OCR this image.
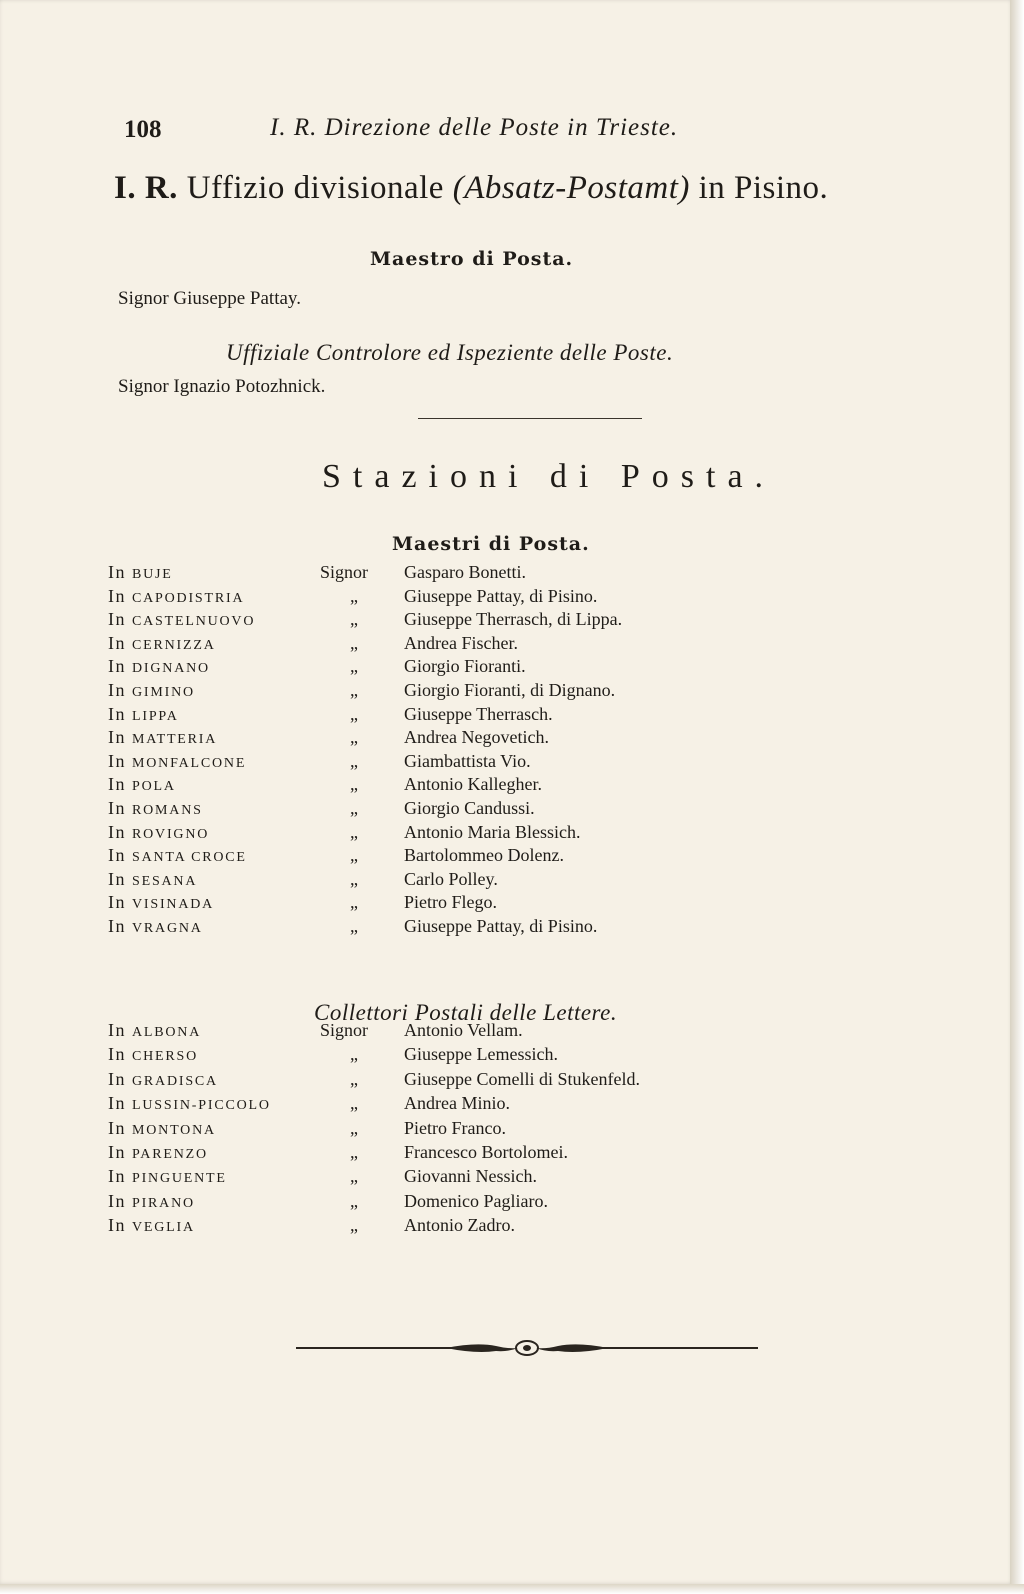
108	I. R. Direzione delle Poste in Trieste.
I. R. Uffizio divisionale (Absatz-Postamt) in Pisino.
Maestro di Posta.
Signor Giuseppe Pattay.
Uffiziale Controlore ed Ispeziente delle Poste.
Signor Ignazio Potozhnick.
Stazioni di Posta.
Maestri di Posta.
In BUJE	Signor Gasparo Bonetti.
In CAPODISTRIA	„	Giuseppe Pattay, di Pisino.
In CASTELNUOVO	„	Giuseppe Therrasch, di Lippa.
In CERNIZZA	„	Andrea Fischer.
In DIGNANO	„	Giorgio Fioranti.
In GIMINO	„	Giorgio Fioranti, di Dignano.
In LIPPA	„	Giuseppe Therrasch.
In MATTERIA	„	Andrea Negovetich.
In MONFALCONE	„	Giambattista Vio.
In POLA	„	Antonio Kallegher.
In ROMANS	„	Giorgio Candussi.
In ROVIGNO	„	Antonio Maria Blessich.
In SANTA CROCE	„	Bartolommeo Dolenz.
In SESANA	„	Carlo Polley.
In VISINADA	„	Pietro Flego.
In VRAGNA	„	Giuseppe Pattay, di Pisino.
Collettori Postali delle Lettere.
In ALBONA	Signor Antonio Vellam.
In CHERSO	„	Giuseppe Lemessich.
In GRADISCA	„	Giuseppe Comelli di Stukenfeld.
In LUSSIN-PICCOLO	„	Andrea Minio.
In MONTONA	„	Pietro Franco.
In PARENZO	„	Francesco Bortolomei.
In PINGUENTE	„	Giovanni Nessich.
In PIRANO	„	Domenico Pagliaro.
In VEGLIA	„	Antonio Zadro.
